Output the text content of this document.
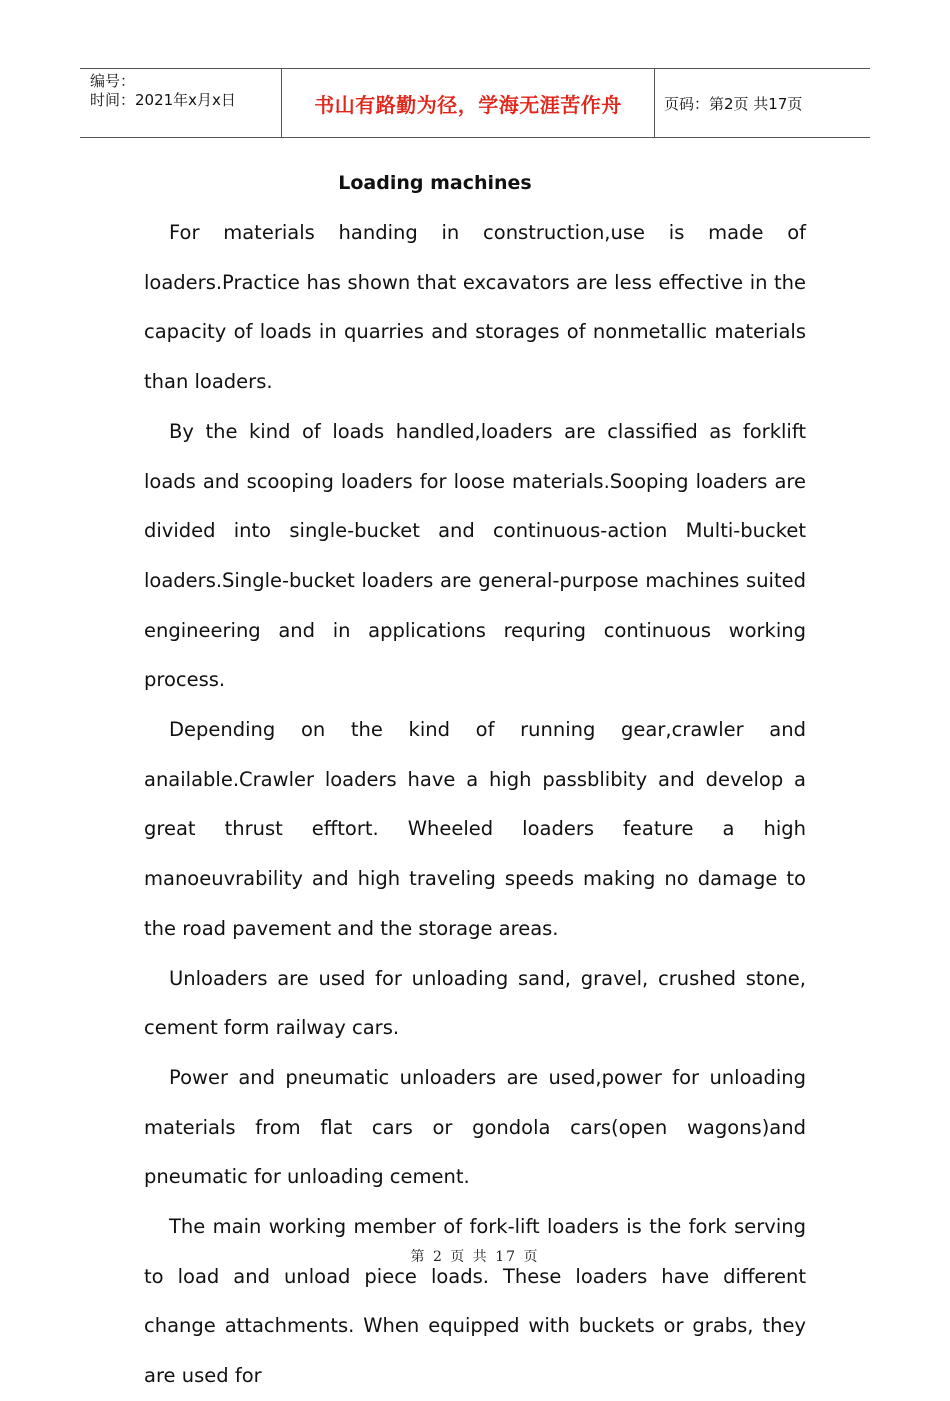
编号：
时间：2021年x月x日	书山有路勤为径，学海无涯苦作舟	页码：第2页 共17页
Loading machines

For materials handing in construction,use is made of loaders.Practice has shown that excavators are less effective in the capacity of loads in quarries and storages of nonmetallic materials than loaders.

By the kind of loads handled,loaders are classified as forklift loads and scooping loaders for loose materials.Sooping loaders are divided into single-bucket and continuous-action Multi-bucket loaders.Single-bucket loaders are general-purpose machines suited engineering and in applications requring continuous working process.

Depending on the kind of running gear,crawler and anailable.Crawler loaders have a high passblibity and develop a great thrust efftort. Wheeled loaders feature a high manoeuvrability and high traveling speeds making no damage to the road pavement and the storage areas.

Unloaders are used for unloading sand, gravel, crushed stone, cement form railway cars.

Power and pneumatic unloaders are used,power for unloading materials from flat cars or gondola cars(open wagons)and pneumatic for unloading cement.

The main working member of fork-lift loaders is the fork serving to load and unload piece loads. These loaders have different change attachments. When equipped with buckets or grabs, they are used for

第 2 页 共 17 页
